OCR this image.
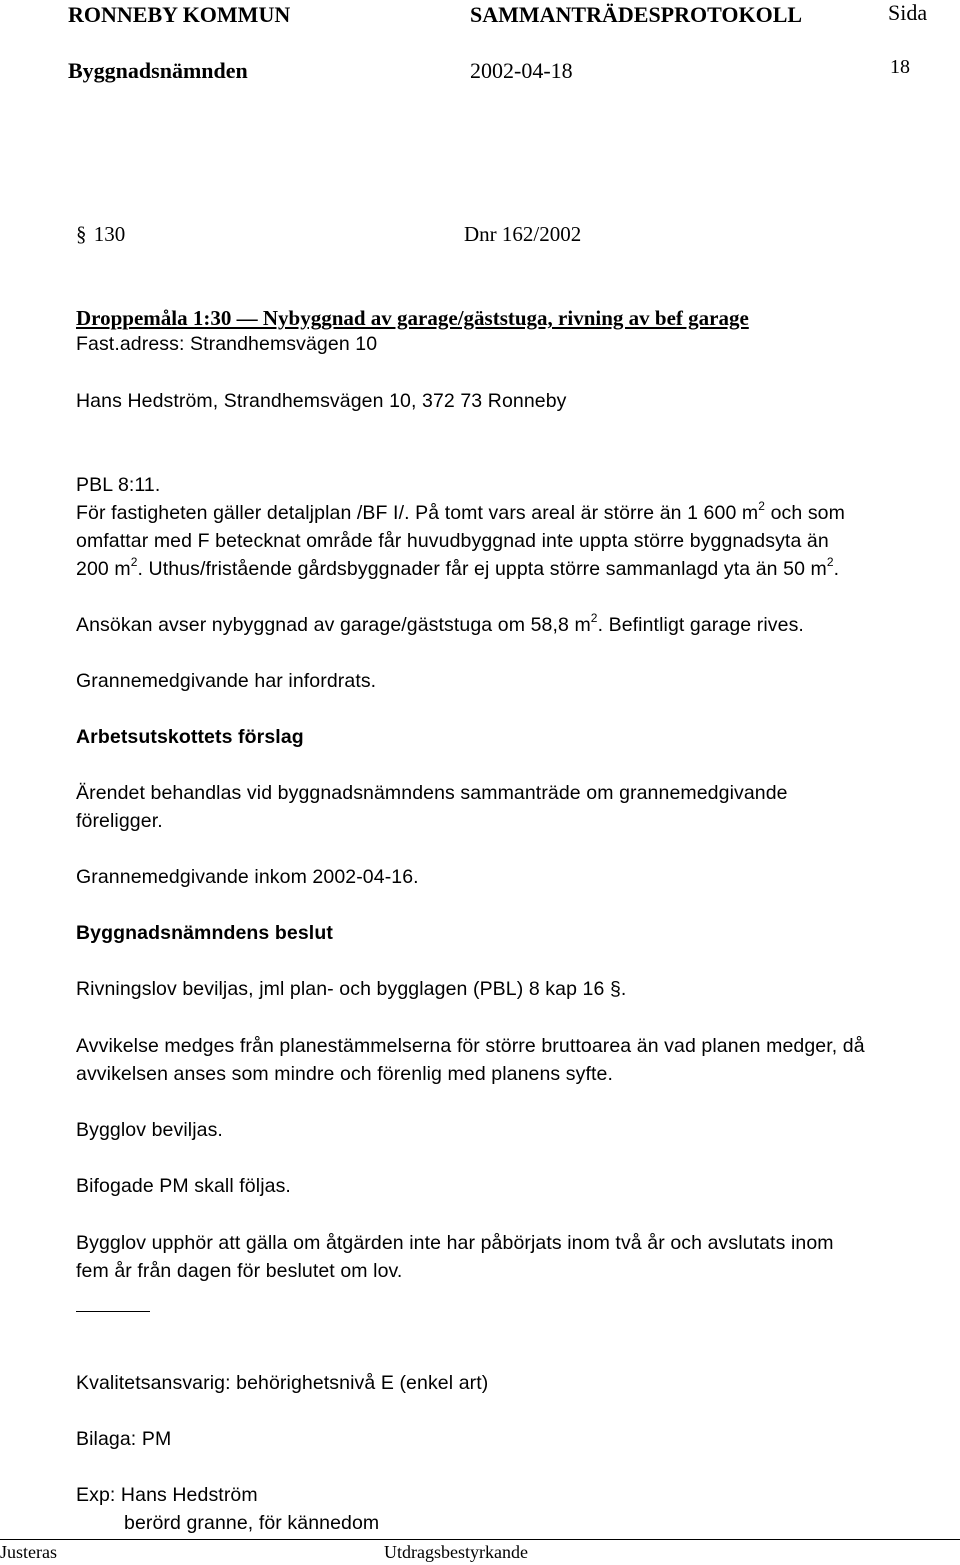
RONNEBY KOMMUN	SAMMANTRÄDESPROTOKOLL	Sida
Byggnadsnämnden	2002-04-18	18
§ 130	Dnr 162/2002
Droppemåla 1:30 — Nybyggnad av garage/gäststuga, rivning av bef garage
Fast.adress: Strandhemsvägen 10
Hans Hedström, Strandhemsvägen 10, 372 73 Ronneby
PBL 8:11.
För fastigheten gäller detaljplan /BF I/. På tomt vars areal är större än 1 600 $m^2$ och som
omfattar med F betecknat område får huvudbyggnad inte uppta större byggnadsyta än
200 $m^2$. Uthus/fristående gårdsbyggnader får ej uppta större sammanlagd yta än 50 $m^2$.
Ansökan avser nybyggnad av garage/gäststuga om 58,8 $m^2$. Befintligt garage rives.
Grannemedgivande har infordrats.
Arbetsutskottets förslag
Ärendet behandlas vid byggnadsnämndens sammanträde om grannemedgivande
föreligger.
Grannemedgivande inkom 2002-04-16.
Byggnadsnämndens beslut
Rivningslov beviljas, jml plan- och bygglagen (PBL) 8 kap 16 §.
Avvikelse medges från planestämmelserna för större bruttoarea än vad planen medger, då
avvikelsen anses som mindre och förenlig med planens syfte.
Bygglov beviljas.
Bifogade PM skall följas.
Bygglov upphör att gälla om åtgärden inte har påbörjats inom två år och avslutats inom
fem år från dagen för beslutet om lov.
Kvalitetsansvarig: behörighetsnivå E (enkel art)
Bilaga: PM
Exp: Hans Hedström
berörd granne, för kännedom
Justeras	Utdragsbestyrkande
